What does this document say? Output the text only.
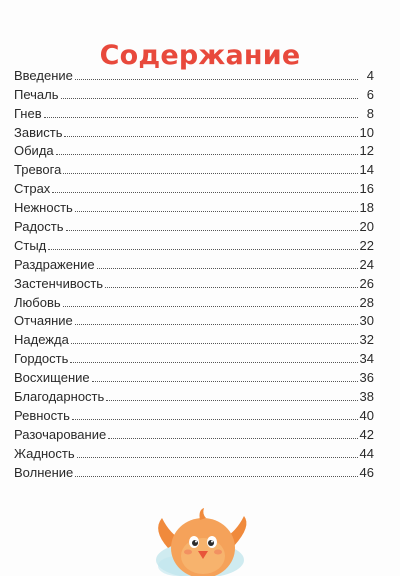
Содержание
Введение	4
Печаль	6
Гнев	8
Зависть	10
Обида	12
Тревога	14
Страх	16
Нежность	18
Радость	20
Стыд	22
Раздражение	24
Застенчивость	26
Любовь	28
Отчаяние	30
Надежда	32
Гордость	34
Восхищение	36
Благодарность	38
Ревность	40
Разочарование	42
Жадность	44
Волнение	46
